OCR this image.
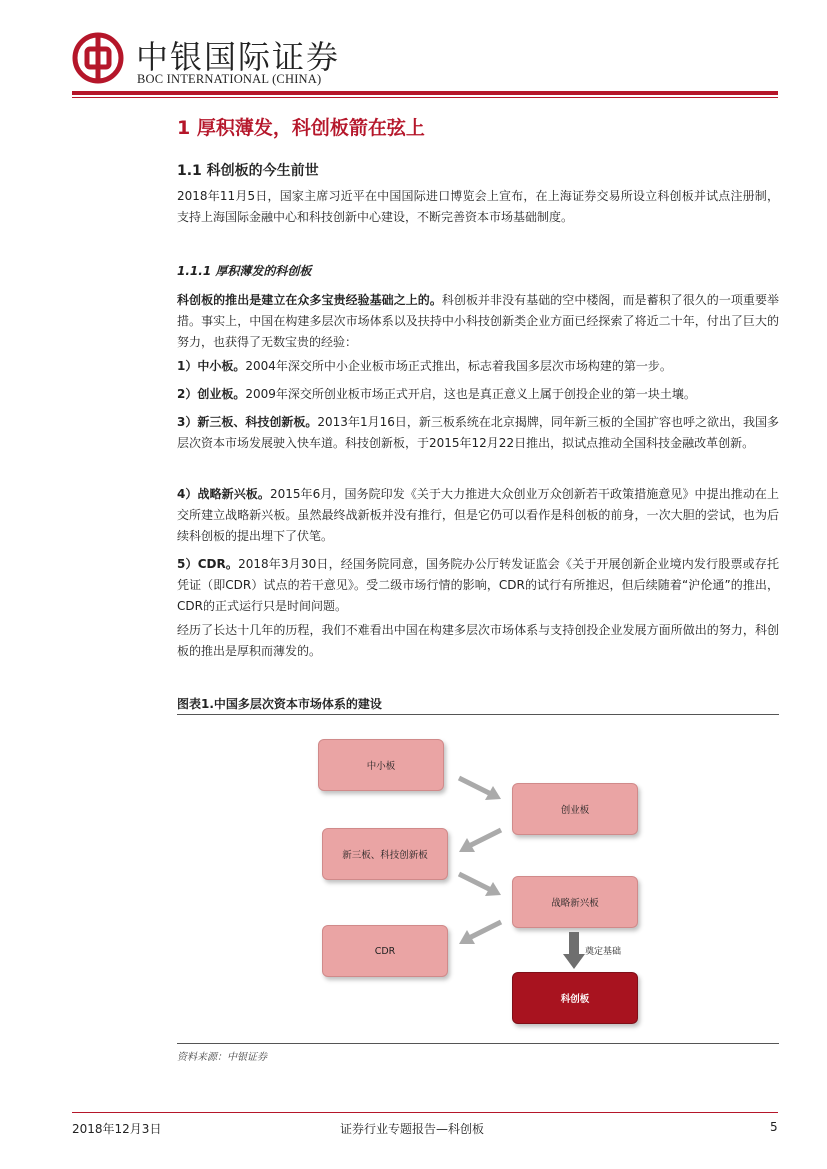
中银国际证券
BOC INTERNATIONAL (CHINA)
1 厚积薄发，科创板箭在弦上
1.1 科创板的今生前世
2018年11月5日，国家主席习近平在中国国际进口博览会上宣布，在上海证券交易所设立科创板并试点注册制，支持上海国际金融中心和科技创新中心建设，不断完善资本市场基础制度。
1.1.1 厚积薄发的科创板
科创板的推出是建立在众多宝贵经验基础之上的。科创板并非没有基础的空中楼阁，而是蓄积了很久的一项重要举措。事实上，中国在构建多层次市场体系以及扶持中小科技创新类企业方面已经探索了将近二十年，付出了巨大的努力，也获得了无数宝贵的经验：
1）中小板。2004年深交所中小企业板市场正式推出，标志着我国多层次市场构建的第一步。
2）创业板。2009年深交所创业板市场正式开启，这也是真正意义上属于创投企业的第一块土壤。
3）新三板、科技创新板。2013年1月16日，新三板系统在北京揭牌，同年新三板的全国扩容也呼之欲出，我国多层次资本市场发展驶入快车道。科技创新板，于2015年12月22日推出，拟试点推动全国科技金融改革创新。
4）战略新兴板。2015年6月，国务院印发《关于大力推进大众创业万众创新若干政策措施意见》中提出推动在上交所建立战略新兴板。虽然最终战新板并没有推行，但是它仍可以看作是科创板的前身，一次大胆的尝试，也为后续科创板的提出埋下了伏笔。
5）CDR。2018年3月30日，经国务院同意，国务院办公厅转发证监会《关于开展创新企业境内发行股票或存托凭证（即CDR）试点的若干意见》。受二级市场行情的影响，CDR的试行有所推迟，但后续随着“沪伦通”的推出，CDR的正式运行只是时间问题。
经历了长达十几年的历程，我们不难看出中国在构建多层次市场体系与支持创投企业发展方面所做出的努力，科创板的推出是厚积而薄发的。
图表1.中国多层次资本市场体系的建设
中小板
创业板
新三板、科技创新板
战略新兴板
CDR
科创板
奠定基础
资料来源：中银证券
2018年12月3日	证券行业专题报告—科创板	5
